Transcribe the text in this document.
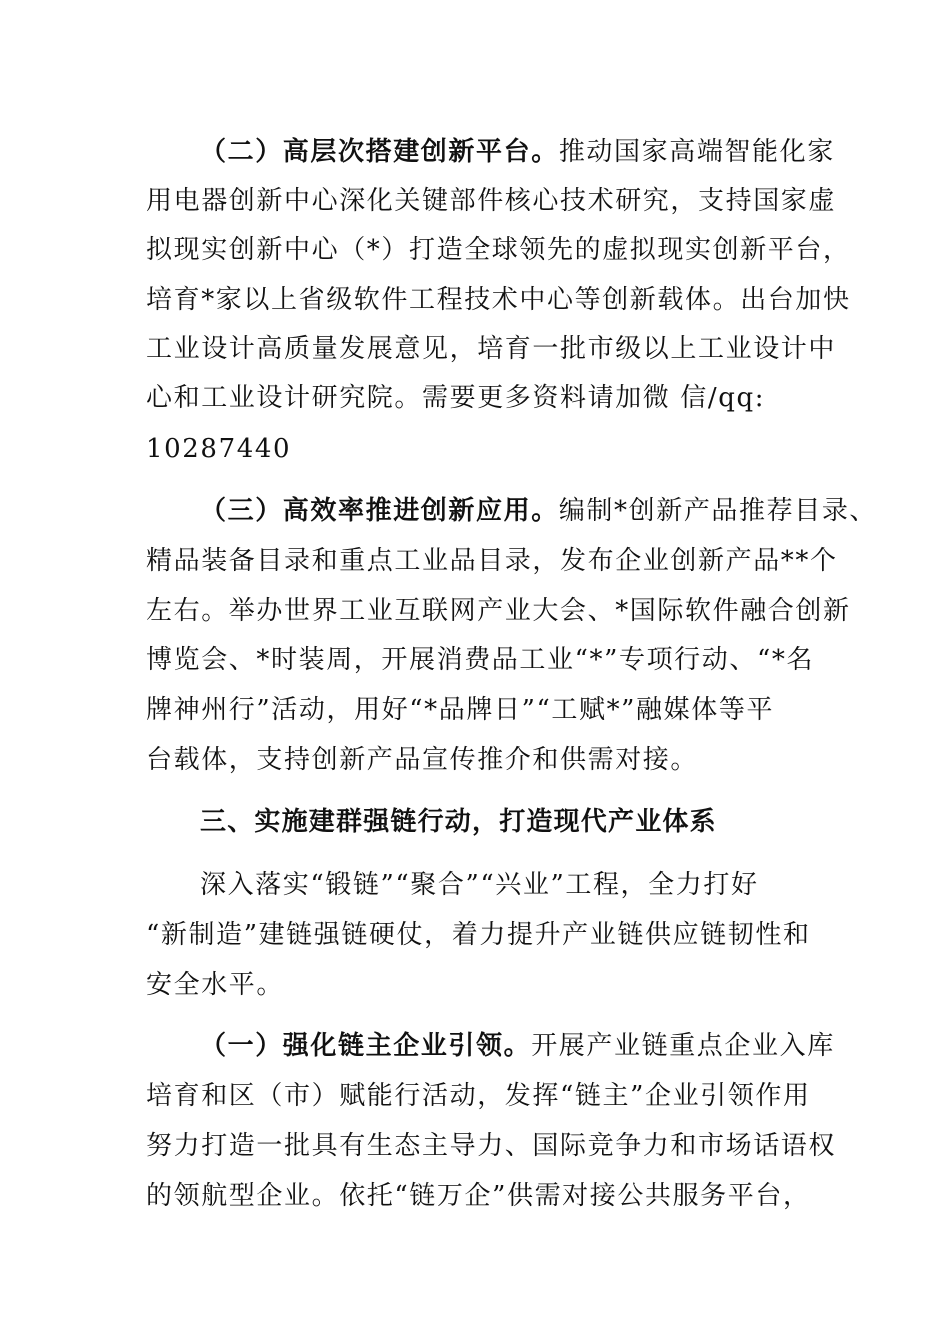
（二）高层次搭建创新平台。推动国家高端智能化家
用电器创新中心深化关键部件核心技术研究，支持国家虚
拟现实创新中心（*）打造全球领先的虚拟现实创新平台，
培育*家以上省级软件工程技术中心等创新载体。出台加快
工业设计高质量发展意见，培育一批市级以上工业设计中
心和工业设计研究院。需要更多资料请加微 信/qq:
10287440
（三）高效率推进创新应用。编制*创新产品推荐目录、
精品装备目录和重点工业品目录，发布企业创新产品**个
左右。举办世界工业互联网产业大会、*国际软件融合创新
博览会、*时装周，开展消费品工业“*”专项行动、“*名
牌神州行”活动，用好“*品牌日”“工赋*”融媒体等平
台载体，支持创新产品宣传推介和供需对接。
三、实施建群强链行动，打造现代产业体系
深入落实“锻链”“聚合”“兴业”工程，全力打好
“新制造”建链强链硬仗，着力提升产业链供应链韧性和
安全水平。
（一）强化链主企业引领。开展产业链重点企业入库
培育和区（市）赋能行活动，发挥“链主”企业引领作用
努力打造一批具有生态主导力、国际竞争力和市场话语权
的领航型企业。依托“链万企”供需对接公共服务平台，
